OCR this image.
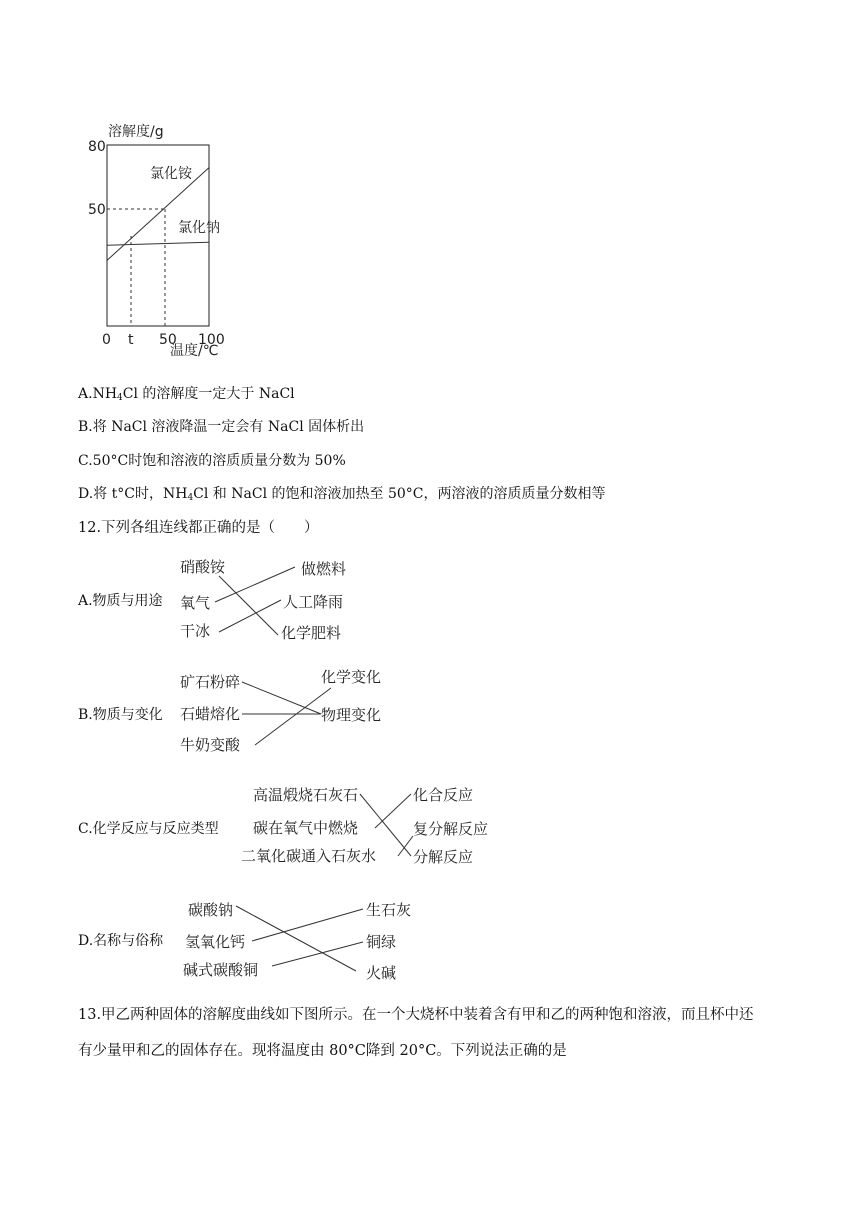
溶解度/g
80
50
氯化铵
氯化钠
0 t 50 100
温度/℃
$A.NH_4Cl$ 的溶解度一定大于 NaCl
B.将 NaCl 溶液降温一定会有 NaCl 固体析出
C.50°C时饱和溶液的溶质质量分数为 50%
D.将 t°C时，$NH_4Cl$ 和 NaCl 的饱和溶液加热至 50°C，两溶液的溶质质量分数相等
12.下列各组连线都正确的是（　　）
A.物质与用途
硝酸铵
氧气
干冰
做燃料
人工降雨
化学肥料
B.物质与变化
矿石粉碎
石蜡熔化
牛奶变酸
化学变化
物理变化
C.化学反应与反应类型
高温煅烧石灰石
碳在氧气中燃烧
二氧化碳通入石灰水
化合反应
复分解反应
分解反应
D.名称与俗称
碳酸钠
氢氧化钙
碱式碳酸铜
生石灰
铜绿
火碱
13.甲乙两种固体的溶解度曲线如下图所示。在一个大烧杯中装着含有甲和乙的两种饱和溶液，而且杯中还
有少量甲和乙的固体存在。现将温度由 80°C降到 20°C。下列说法正确的是
